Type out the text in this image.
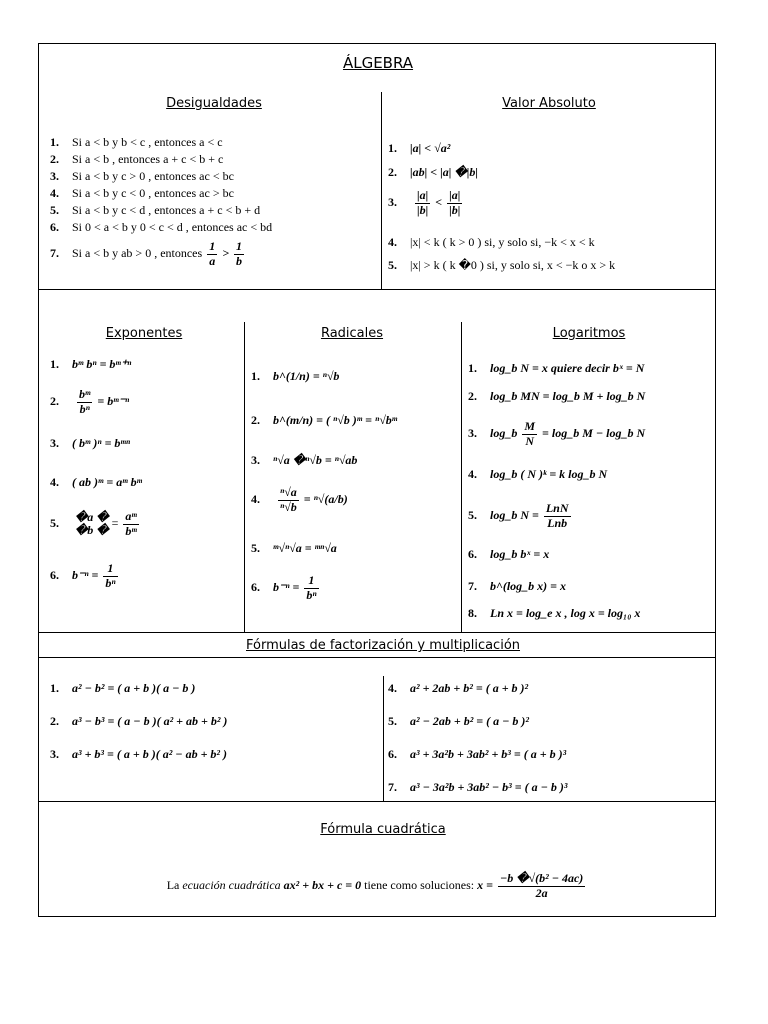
ÁLGEBRA
Desigualdades
1. Si a < b y b < c , entonces a < c
2. Si a < b , entonces a + c < b + c
3. Si a < b y c > 0 , entonces ac < bc
4. Si a < b y c < 0 , entonces ac > bc
5. Si a < b y c < d , entonces a + c < b + d
6. Si 0 < a < b y 0 < c < d , entonces ac < bd
7. Si a < b y ab > 0 , entonces $\frac{1}{a} > \frac{1}{b}$
Valor Absoluto
1. |a| < √a²
2. |ab| < |a| �|b|
3. $\frac{|a|}{|b|} < \frac{|a|}{|b|}$
4. |x| < k ( k > 0 ) si, y solo si, −k < x < k
5. |x| > k ( k �0 ) si, y solo si, x < −k o x > k
Exponentes
1. bᵐ bⁿ = bᵐ⁺ⁿ
2. $\frac{\text{bᵐ}}{\text{bⁿ}}$ = bᵐ⁻ⁿ
3. ( bᵐ )ⁿ = bᵐⁿ
4. ( ab )ᵐ = aᵐ bᵐ
5. �a �
�b � = $\frac{\text{aᵐ}}{\text{bᵐ}}$
6. $b^{-n} = \frac{1}{\text{bⁿ}}$
Radicales
1. b^(1/n) = ⁿ√b
2. b^(m/n) = ( ⁿ√b )ᵐ = ⁿ√bᵐ
3. ⁿ√a �ⁿ√b = ⁿ√ab
4. $\frac{\text{ⁿ√a}}{\text{ⁿ√b}} = ^n√(a/b)$
5. ᵐ√ⁿ√a = ᵐⁿ√a
6. $b^{-n} = \frac{1}{\text{bⁿ}}$
Logaritmos
1. log_b N = x quiere decir bˣ = N
2. log_b MN = log_b M + log_b N
3. log_b $\frac{M}{N}$ = log_b M − log_b N
4. log_b ( N )ᵏ = k log_b N
5. log_b $N = \frac{\text{LnN}}{\text{Lnb}}$
6. log_b bˣ = x
7. b^(log_b x) = x
8. Ln x = log_e x , log x = log₁₀ x
Fórmulas de factorización y multiplicación
1. a² − b² = ( a + b )( a − b )
2. a³ − b³ = ( a − b )( a² + ab + b² )
3. a³ + b³ = ( a + b )( a² − ab + b² )
4. a² + 2ab + b² = ( a + b )²
5. a² − 2ab + b² = ( a − b )²
6. a³ + 3a²b + 3ab² + b³ = ( a + b )³
7. a³ − 3a²b + 3ab² − b³ = ( a − b )³
Fórmula cuadrática
La ecuación cuadrática ax² + bx + c = 0 tiene como soluciones: $x = \frac{\text{−b �√(b² − 4ac)}}{2a}$
